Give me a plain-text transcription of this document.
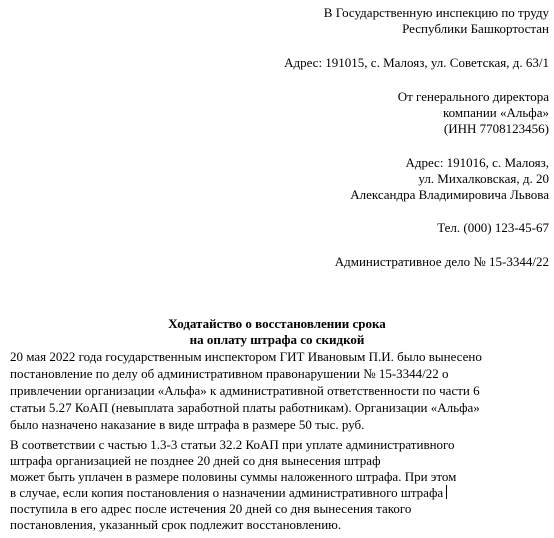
В Государственную инспекцию по труду
Республики Башкортостан
Адрес: 191015, с. Малояз, ул. Советская, д. 63/1
От генерального директора
компании «Альфа»
(ИНН 7708123456)
Адрес: 191016, с. Малояз,
ул. Михалковская, д. 20
Александра Владимировича Львова
Тел. (000) 123-45-67
Административное дело № 15-3344/22
Ходатайство о восстановлении срока
на оплату штрафа со скидкой
20 мая 2022 года государственным инспектором ГИТ Ивановым П.И. было вынесено
постановление по делу об административном правонарушении № 15-3344/22 о
привлечении организации «Альфа» к административной ответственности по части 6
статьи 5.27 КоАП (невыплата заработной платы работникам). Организации «Альфа»
было назначено наказание в виде штрафа в размере 50 тыс. руб.
В соответствии с частью 1.3-3 статьи 32.2 КоАП при уплате административного
штрафа организацией не позднее 20 дней со дня вынесения штраф
может быть уплачен в размере половины суммы наложенного штрафа. При этом
в случае, если копия постановления о назначении административного штрафа
поступила в его адрес после истечения 20 дней со дня вынесения такого
постановления, указанный срок подлежит восстановлению.
